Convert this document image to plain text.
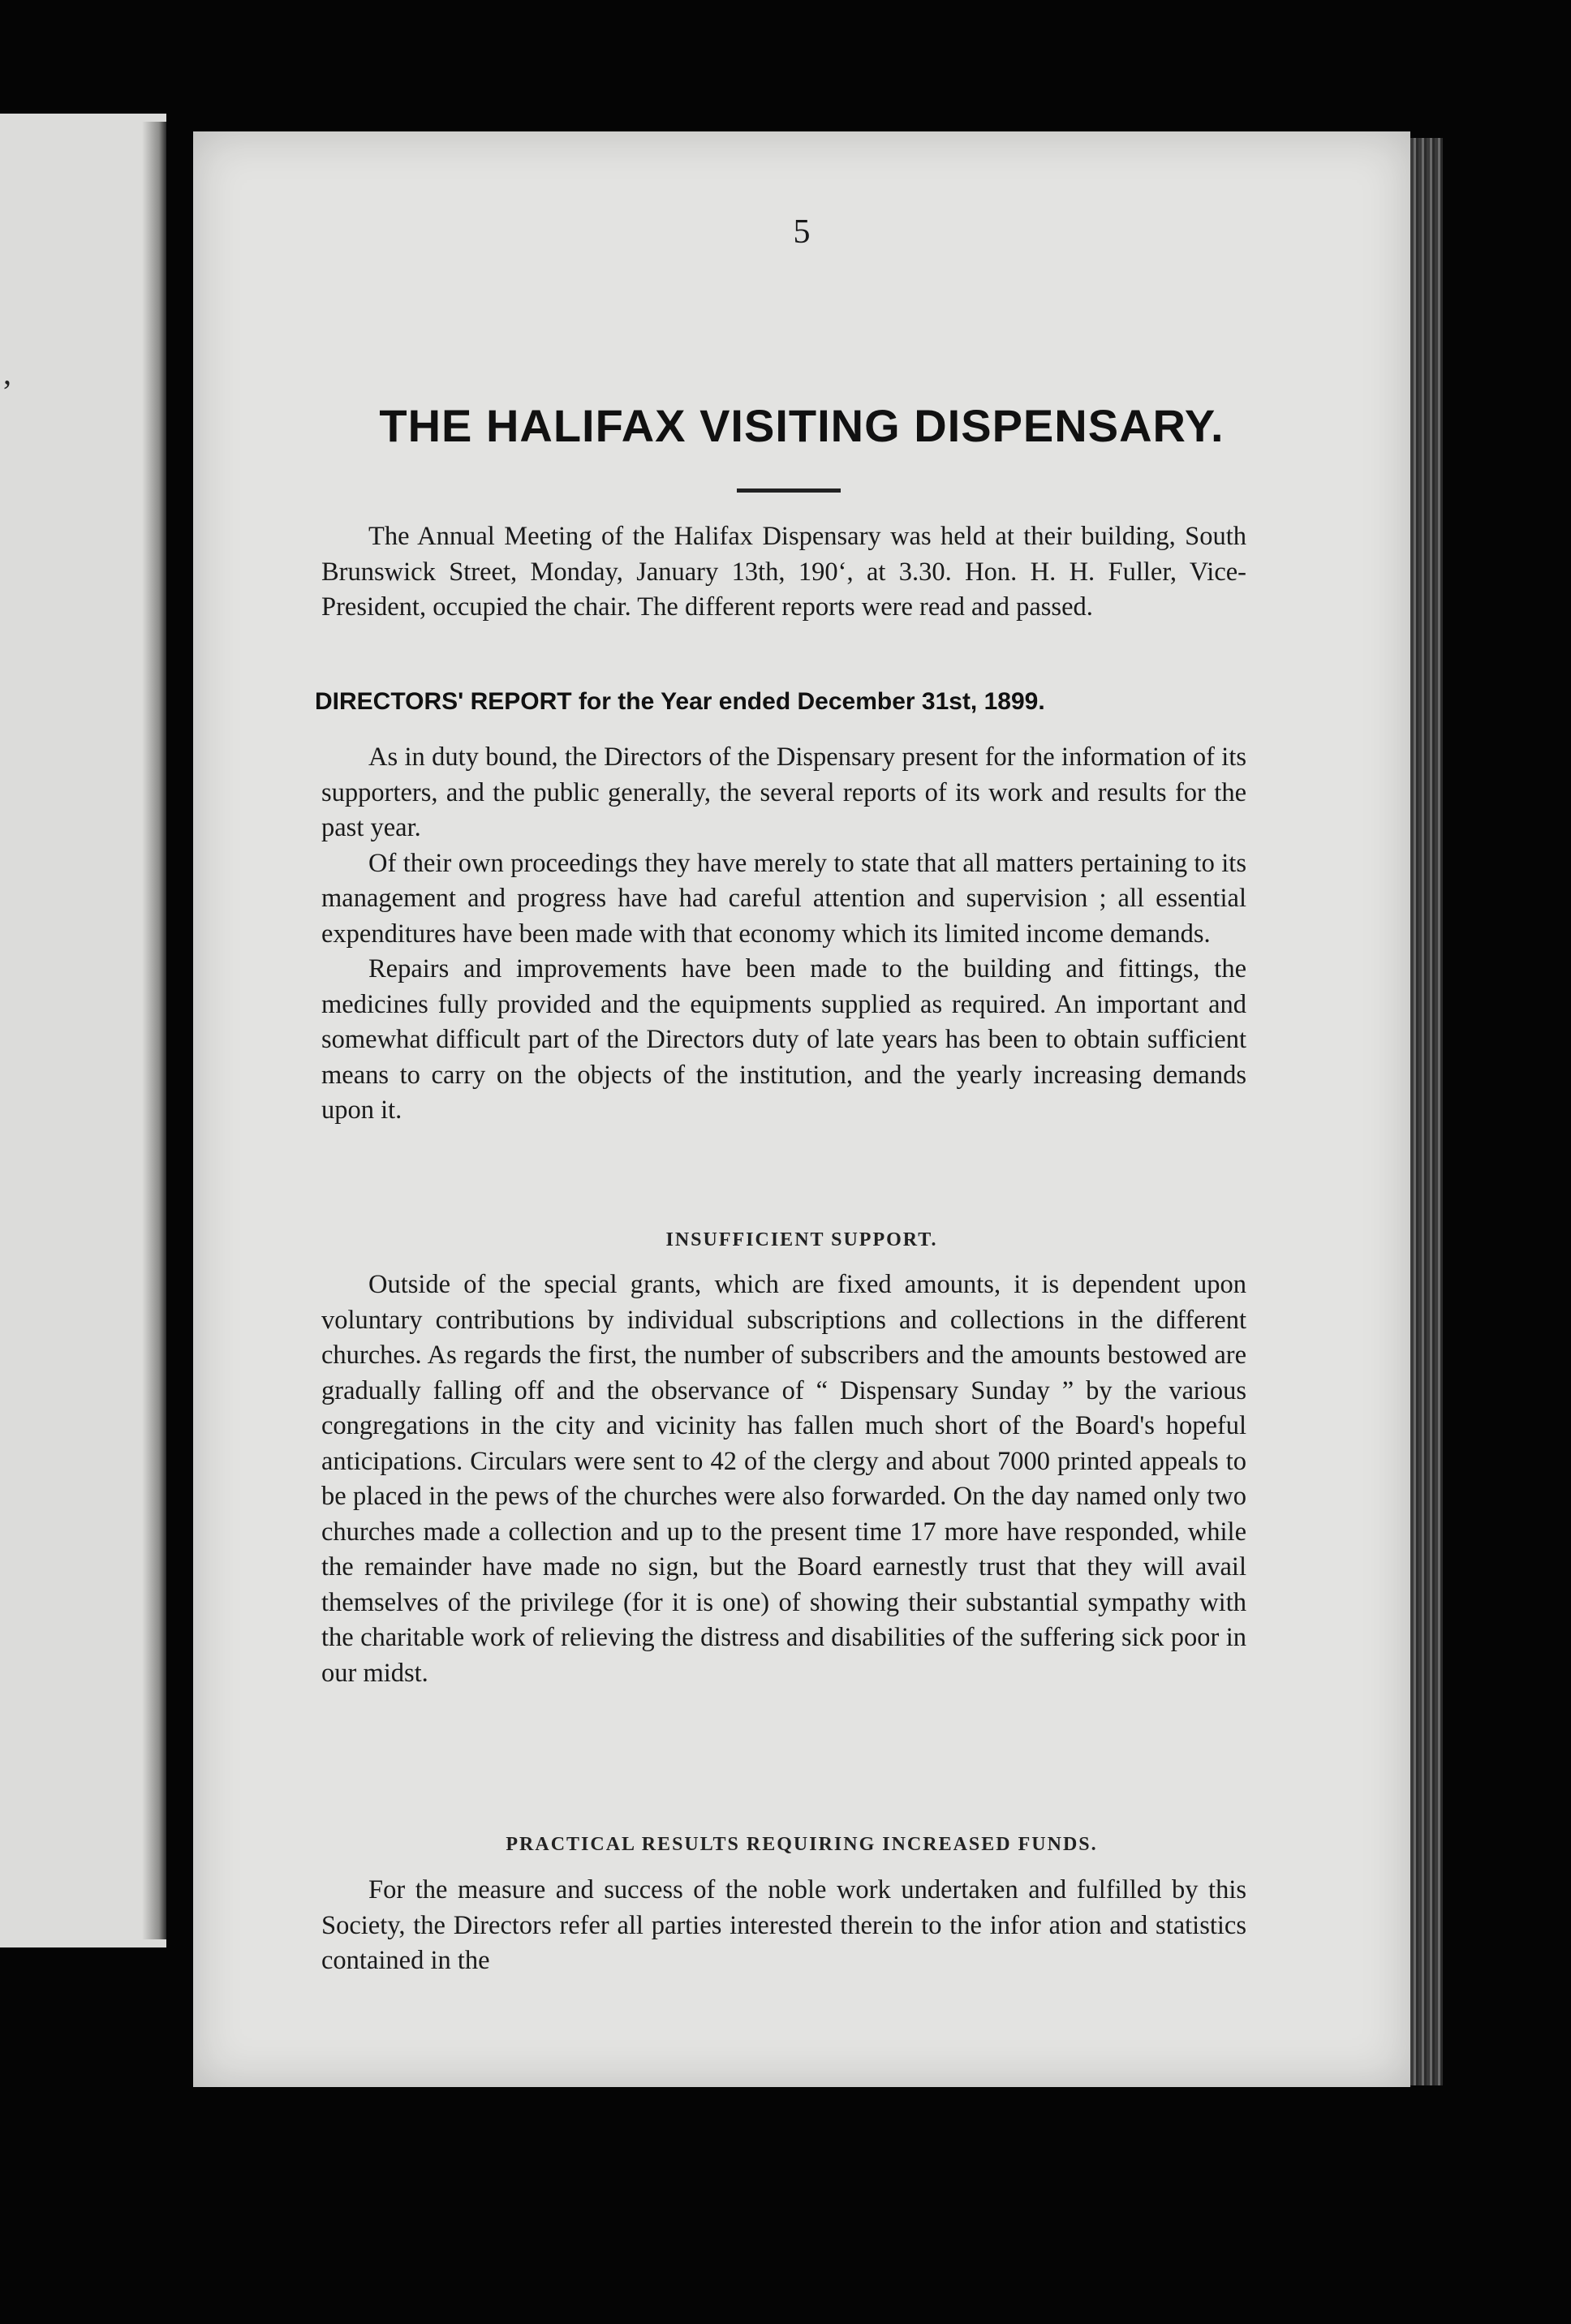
,
5
THE HALIFAX VISITING DISPENSARY.

The Annual Meeting of the Halifax Dispensary was held at their building, South Brunswick Street, Monday, January 13th, 190‘, at 3.30. Hon. H. H. Fuller, Vice-President, occupied the chair. The different reports were read and passed.

DIRECTORS' REPORT for the Year ended December 31st, 1899.

As in duty bound, the Directors of the Dispensary present for the information of its supporters, and the public generally, the several reports of its work and results for the past year.

Of their own proceedings they have merely to state that all matters pertaining to its management and progress have had careful attention and supervision ; all essential expenditures have been made with that economy which its limited income demands.

Repairs and improvements have been made to the building and fittings, the medicines fully provided and the equipments supplied as required. An important and somewhat difficult part of the Directors duty of late years has been to obtain sufficient means to carry on the objects of the institution, and the yearly increasing demands upon it.

INSUFFICIENT SUPPORT.

Outside of the special grants, which are fixed amounts, it is dependent upon voluntary contributions by individual subscriptions and collections in the different churches. As regards the first, the number of subscribers and the amounts bestowed are gradually falling off and the observance of “ Dispensary Sunday ” by the various congregations in the city and vicinity has fallen much short of the Board's hopeful anticipations. Circulars were sent to 42 of the clergy and about 7000 printed appeals to be placed in the pews of the churches were also forwarded. On the day named only two churches made a collection and up to the present time 17 more have responded, while the remainder have made no sign, but the Board earnestly trust that they will avail themselves of the privilege (for it is one) of showing their substantial sympathy with the charitable work of relieving the distress and disabilities of the suffering sick poor in our midst.

PRACTICAL RESULTS REQUIRING INCREASED FUNDS.

For the measure and success of the noble work undertaken and fulfilled by this Society, the Directors refer all parties interested therein to the infor ation and statistics contained in the
